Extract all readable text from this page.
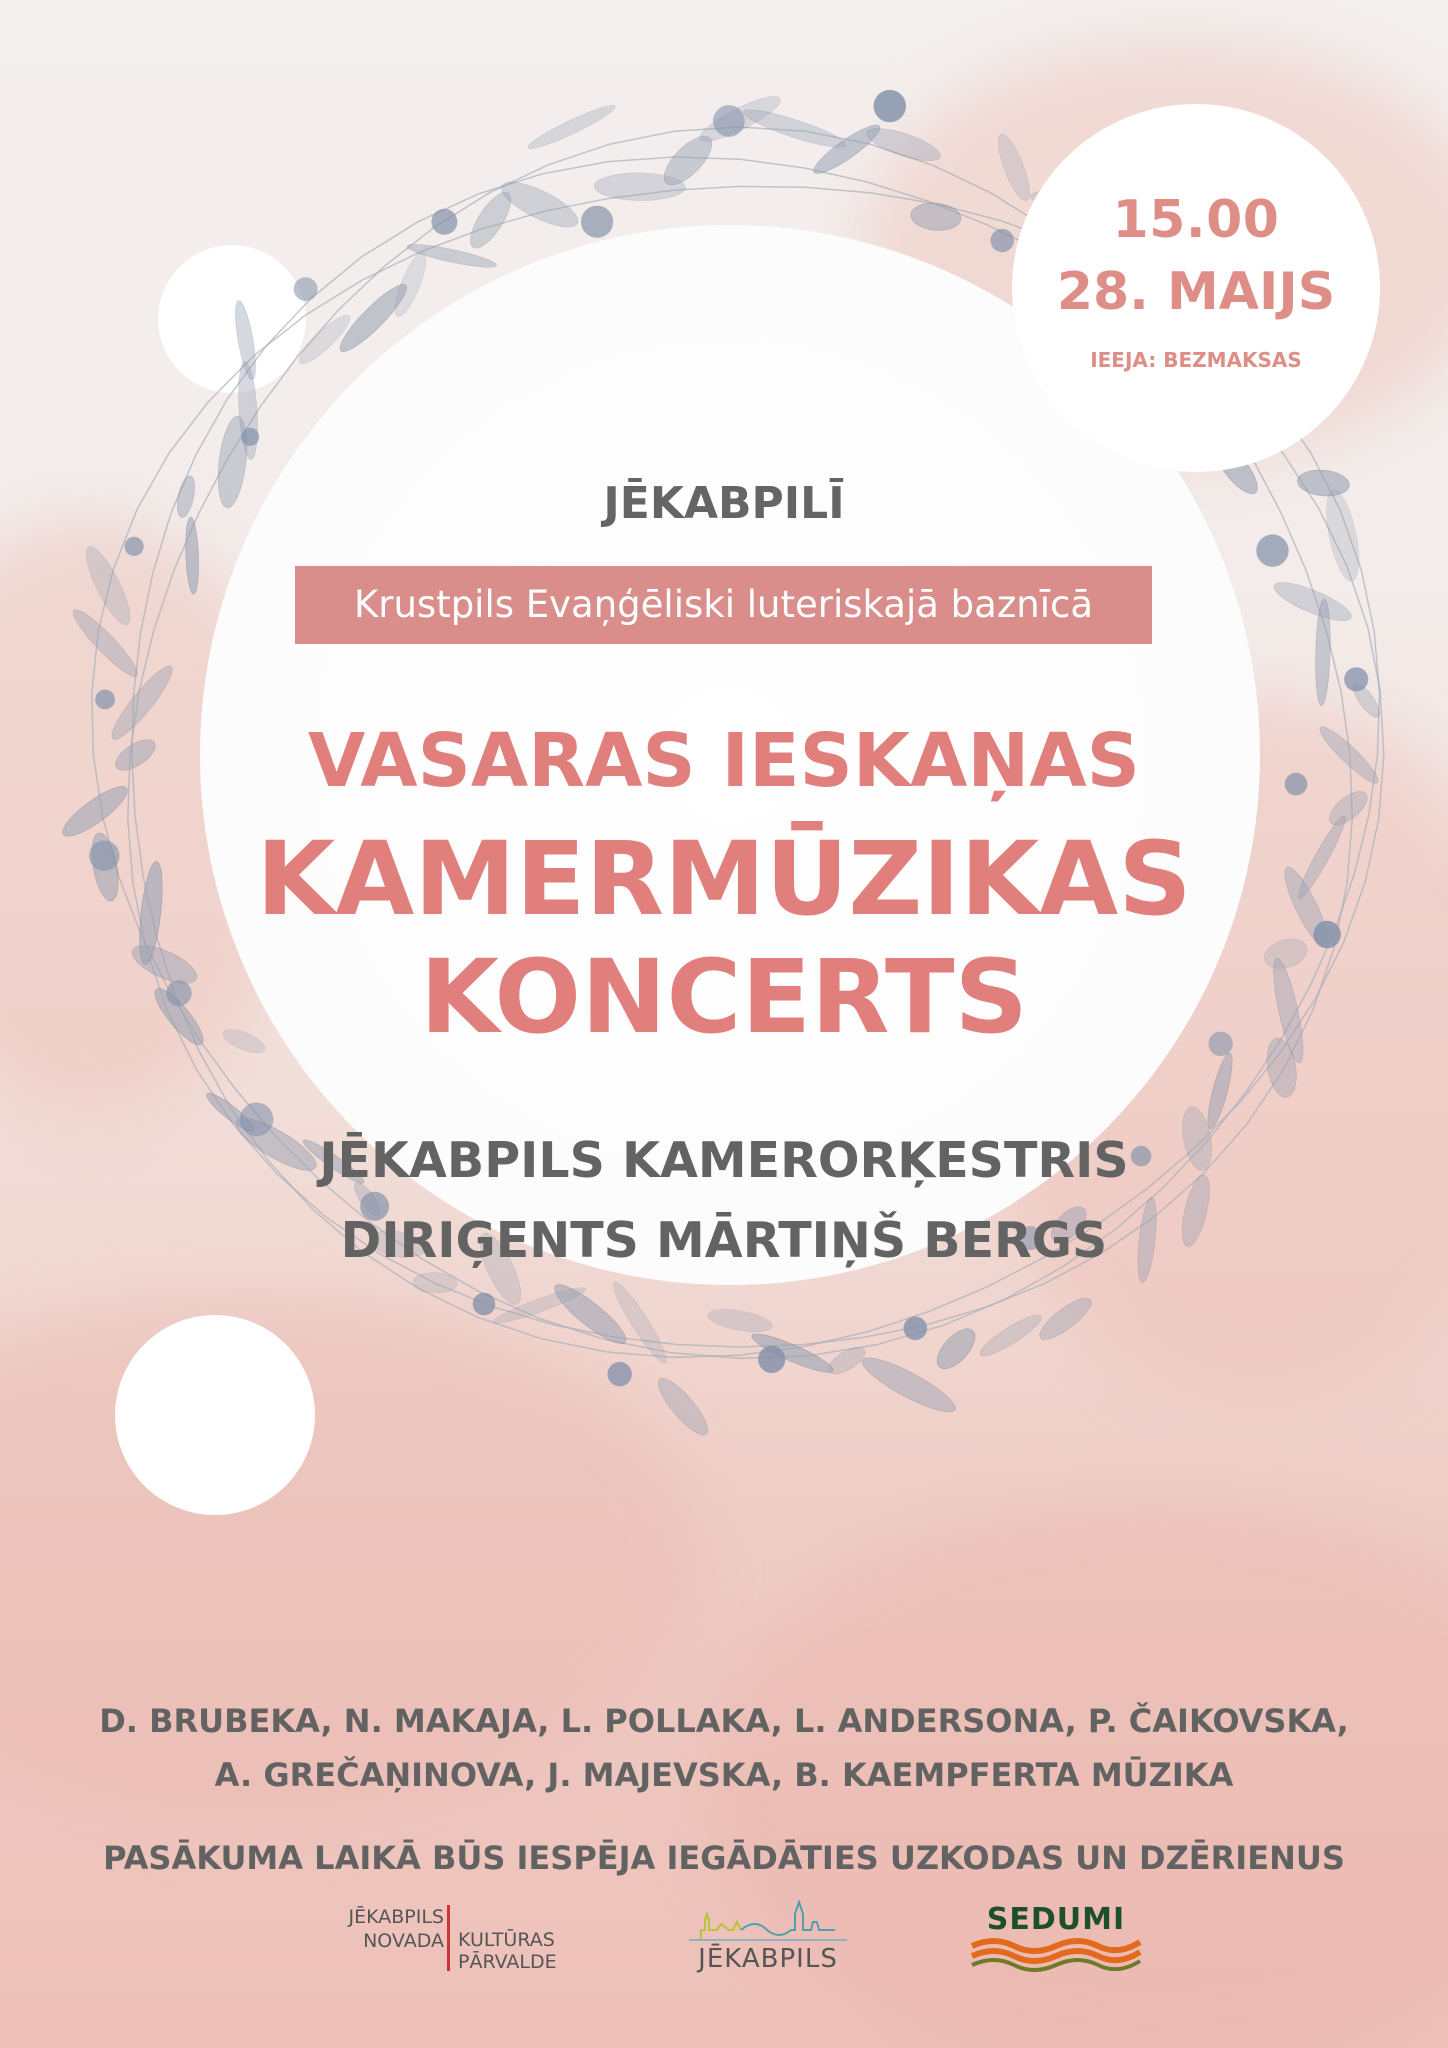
15.00

28. MAIJS

IEEJA: BEZMAKSAS

JĒKABPILĪ

Krustpils Evaņģēliski luteriskajā baznīcā

VASARAS IESKAŅAS

KAMERMŪZIKAS

KONCERTS

JĒKABPILS KAMERORĶESTRIS

DIRIĢENTS MĀRTIŅŠ BERGS

D. BRUBEKA, N. MAKAJA, L. POLLAKA, L. ANDERSONA, P. ČAIKOVSKA,

A. GREČAŅINOVA, J. MAJEVSKA, B. KAEMPFERTA MŪZIKA

PASĀKUMA LAIKĀ BŪS IESPĒJA IEGĀDĀTIES UZKODAS UN DZĒRIENUS

JĒKABPILS
NOVADA KULTŪRAS
PĀRVALDE	JĒKABPILS
SEDUMI
